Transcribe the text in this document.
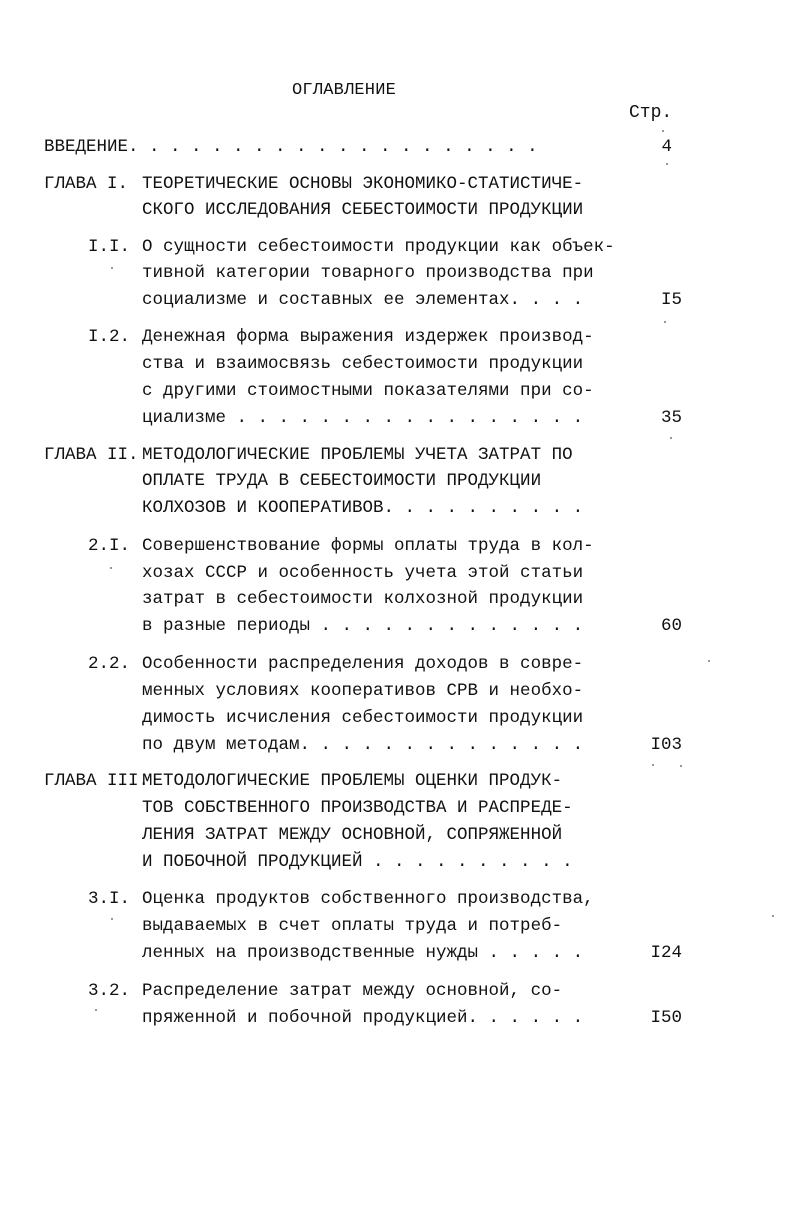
ОГЛАВЛЕНИЕ
Стр.
ВВЕДЕНИЕ. . . . . . . . . . . . . . . . . . . .	4
ГЛАВА I. ТЕОРЕТИЧЕСКИЕ ОСНОВЫ ЭКОНОМИКО-СТАТИСТИЧЕ-
СКОГО ИССЛЕДОВАНИЯ СЕБЕСТОИМОСТИ ПРОДУКЦИИ
I.I. О сущности себестоимости продукции как объек-
тивной категории товарного производства при
социализме и составных ее элементах. . . .	I5
I.2. Денежная форма выражения издержек производ-
ства и взаимосвязь себестоимости продукции
с другими стоимостными показателями при со-
циализме . . . . . . . . . . . . . . . . .	35
ГЛАВА II. МЕТОДОЛОГИЧЕСКИЕ ПРОБЛЕМЫ УЧЕТА ЗАТРАТ ПО
ОПЛАТЕ ТРУДА В СЕБЕСТОИМОСТИ ПРОДУКЦИИ
КОЛХОЗОВ И КООПЕРАТИВОВ. . . . . . . . . .
2.I. Совершенствование формы оплаты труда в кол-
хозах СССР и особенность учета этой статьи
затрат в себестоимости колхозной продукции
в разные периоды . . . . . . . . . . . . .	60
2.2. Особенности распределения доходов в совре-
менных условиях кооперативов СРВ и необхо-
димость исчисления себестоимости продукции
по двум методам. . . . . . . . . . . . . .	I03
ГЛАВА III.
МЕТОДОЛОГИЧЕСКИЕ ПРОБЛЕМЫ ОЦЕНКИ ПРОДУК-
ТОВ СОБСТВЕННОГО ПРОИЗВОДСТВА И РАСПРЕДЕ-
ЛЕНИЯ ЗАТРАТ МЕЖДУ ОСНОВНОЙ, СОПРЯЖЕННОЙ
И ПОБОЧНОЙ ПРОДУКЦИЕЙ . . . . . . . . . .
3.I. Оценка продуктов собственного производства,
выдаваемых в счет оплаты труда и потреб-
ленных на производственные нужды . . . . .	I24
3.2. Распределение затрат между основной, со-
пряженной и побочной продукцией. . . . . .	I50
